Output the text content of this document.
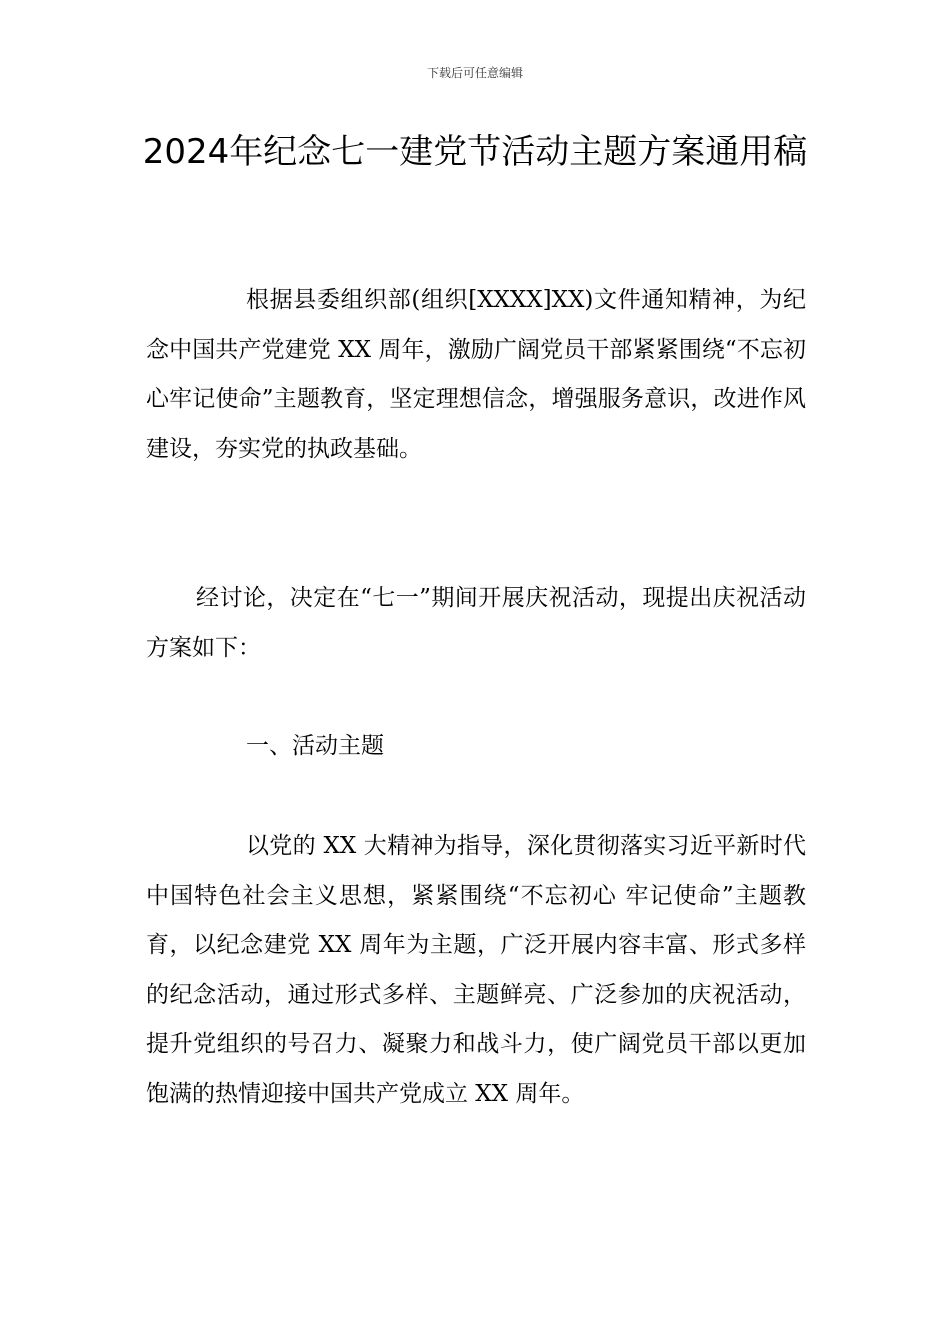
下载后可任意编辑
2024年纪念七一建党节活动主题方案通用稿

根据县委组织部(组织[XXXX]XX)文件通知精神，为纪念中国共产党建党 XX 周年，激励广阔党员干部紧紧围绕“不忘初心牢记使命”主题教育，坚定理想信念，增强服务意识，改进作风建设，夯实党的执政基础。

经讨论，决定在“七一”期间开展庆祝活动，现提出庆祝活动方案如下：

一、活动主题

以党的 XX 大精神为指导，深化贯彻落实习近平新时代中国特色社会主义思想，紧紧围绕“不忘初心 牢记使命”主题教育，以纪念建党 XX 周年为主题，广泛开展内容丰富、形式多样的纪念活动，通过形式多样、主题鲜亮、广泛参加的庆祝活动，提升党组织的号召力、凝聚力和战斗力，使广阔党员干部以更加饱满的热情迎接中国共产党成立 XX 周年。
